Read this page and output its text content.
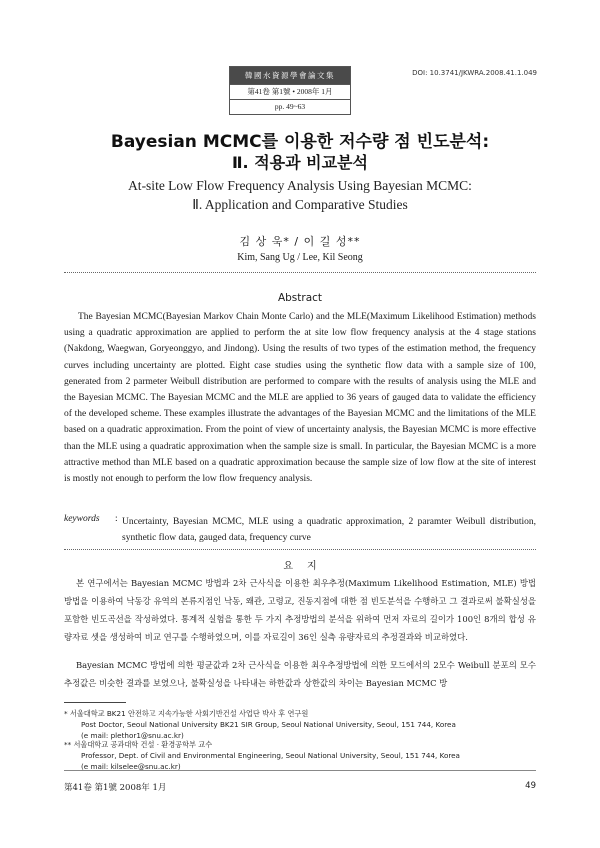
韓國水資源學會論文集
第41卷 第1號 • 2008年 1月
pp. 49~63
DOI: 10.3741/JKWRA.2008.41.1.049
Bayesian MCMC를 이용한 저수량 점 빈도분석:
Ⅱ. 적용과 비교분석
At-site Low Flow Frequency Analysis Using Bayesian MCMC:
Ⅱ. Application and Comparative Studies
김 상 욱* / 이 길 성**
Kim, Sang Ug / Lee, Kil Seong
Abstract
The Bayesian MCMC(Bayesian Markov Chain Monte Carlo) and the MLE(Maximum Likelihood Estimation) methods using a quadratic approximation are applied to perform the at site low flow frequency analysis at the 4 stage stations (Nakdong, Waegwan, Goryeonggyo, and Jindong). Using the results of two types of the estimation method, the frequency curves including uncertainty are plotted. Eight case studies using the synthetic flow data with a sample size of 100, generated from 2 parmeter Weibull distribution are performed to compare with the results of analysis using the MLE and the Bayesian MCMC. The Bayesian MCMC and the MLE are applied to 36 years of gauged data to validate the efficiency of the developed scheme. These examples illustrate the advantages of the Bayesian MCMC and the limitations of the MLE based on a quadratic approximation. From the point of view of uncertainty analysis, the Bayesian MCMC is more effective than the MLE using a quadratic approximation when the sample size is small. In particular, the Bayesian MCMC is a more attractive method than MLE based on a quadratic approximation because the sample size of low flow at the site of interest is mostly not enough to perform the low flow frequency analysis.
keywords : Uncertainty, Bayesian MCMC, MLE using a quadratic approximation, 2 paramter Weibull distribution, synthetic flow data, gauged data, frequency curve
요지
본 연구에서는 Bayesian MCMC 방법과 2차 근사식을 이용한 최우추정(Maximum Likelihood Estimation, MLE) 방법 방법을 이용하여 낙동강 유역의 본류지점인 낙동, 왜관, 고령교, 진동지점에 대한 점 빈도분석을 수행하고 그 결과로써 불확실성을 포함한 빈도곡선을 작성하였다. 통계적 실험을 통한 두 가지 추정방법의 분석을 위하여 먼저 자료의 길이가 100인 8개의 합성 유량자료 셋을 생성하여 비교 연구를 수행하였으며, 이를 자료길이 36인 실측 유량자료의 추정결과와 비교하였다.
Bayesian MCMC 방법에 의한 평균값과 2차 근사식을 이용한 최우추정방법에 의한 모드에서의 2모수 Weibull 분포의 모수 추정값은 비슷한 결과를 보였으나, 불확실성을 나타내는 하한값과 상한값의 차이는 Bayesian MCMC 방
* 서울대학교 BK21 안전하고 지속가능한 사회기반건설 사업단 박사 후 연구원
Post Doctor, Seoul National University BK21 SIR Group, Seoul National University, Seoul, 151 744, Korea
(e mail: plethor1@snu.ac.kr)
** 서울대학교 공과대학 건설 · 환경공학부 교수
Professor, Dept. of Civil and Environmental Engineering, Seoul National University, Seoul, 151 744, Korea
(e mail: kilselee@snu.ac.kr)
第41卷 第1號 2008年 1月	49
